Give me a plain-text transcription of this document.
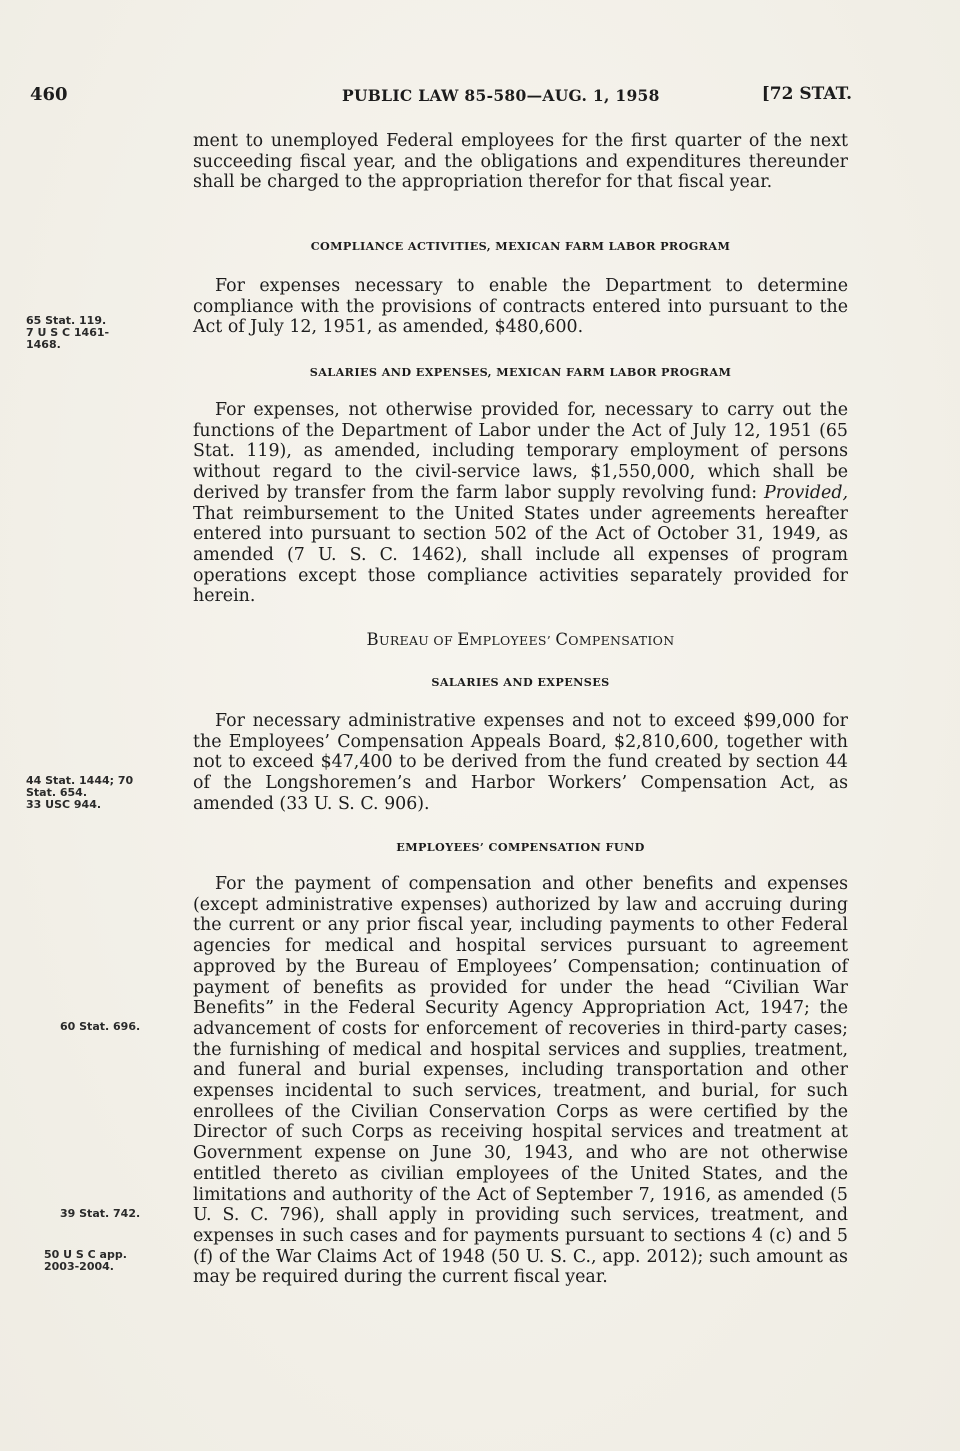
460	PUBLIC LAW 85-580—AUG. 1, 1958	[72 STAT.

ment to unemployed Federal employees for the first quarter of the next succeeding fiscal year, and the obligations and expenditures thereunder shall be charged to the appropriation therefor for that fiscal year.

COMPLIANCE ACTIVITIES, MEXICAN FARM LABOR PROGRAM

For expenses necessary to enable the Department to determine compliance with the provisions of contracts entered into pursuant to the Act of July 12, 1951, as amended, $480,600.

SALARIES AND EXPENSES, MEXICAN FARM LABOR PROGRAM

For expenses, not otherwise provided for, necessary to carry out the functions of the Department of Labor under the Act of July 12, 1951 (65 Stat. 119), as amended, including temporary employment of persons without regard to the civil-service laws, $1,550,000, which shall be derived by transfer from the farm labor supply revolving fund: Provided, That reimbursement to the United States under agreements hereafter entered into pursuant to section 502 of the Act of October 31, 1949, as amended (7 U. S. C. 1462), shall include all expenses of program operations except those compliance activities separately provided for herein.

BUREAU OF EMPLOYEES’ COMPENSATION
SALARIES AND EXPENSES

For necessary administrative expenses and not to exceed $99,000 for the Employees’ Compensation Appeals Board, $2,810,600, together with not to exceed $47,400 to be derived from the fund created by section 44 of the Longshoremen’s and Harbor Workers’ Compensation Act, as amended (33 U. S. C. 906).

EMPLOYEES’ COMPENSATION FUND

For the payment of compensation and other benefits and expenses (except administrative expenses) authorized by law and accruing during the current or any prior fiscal year, including payments to other Federal agencies for medical and hospital services pursuant to agreement approved by the Bureau of Employees’ Compensation; continuation of payment of benefits as provided for under the head “Civilian War Benefits” in the Federal Security Agency Appropriation Act, 1947; the advancement of costs for enforcement of recoveries in third-party cases; the furnishing of medical and hospital services and supplies, treatment, and funeral and burial expenses, including transportation and other expenses incidental to such services, treatment, and burial, for such enrollees of the Civilian Conservation Corps as were certified by the Director of such Corps as receiving hospital services and treatment at Government expense on June 30, 1943, and who are not otherwise entitled thereto as civilian employees of the United States, and the limitations and authority of the Act of September 7, 1916, as amended (5 U. S. C. 796), shall apply in providing such services, treatment, and expenses in such cases and for payments pursuant to sections 4 (c) and 5 (f) of the War Claims Act of 1948 (50 U. S. C., app. 2012); such amount as may be required during the current fiscal year.

65 Stat. 119.
7 U S C 1461-
1468.
44 Stat. 1444; 70
Stat. 654.
33 USC 944.
60 Stat. 696.
39 Stat. 742.
50 U S C app.
2003-2004.
